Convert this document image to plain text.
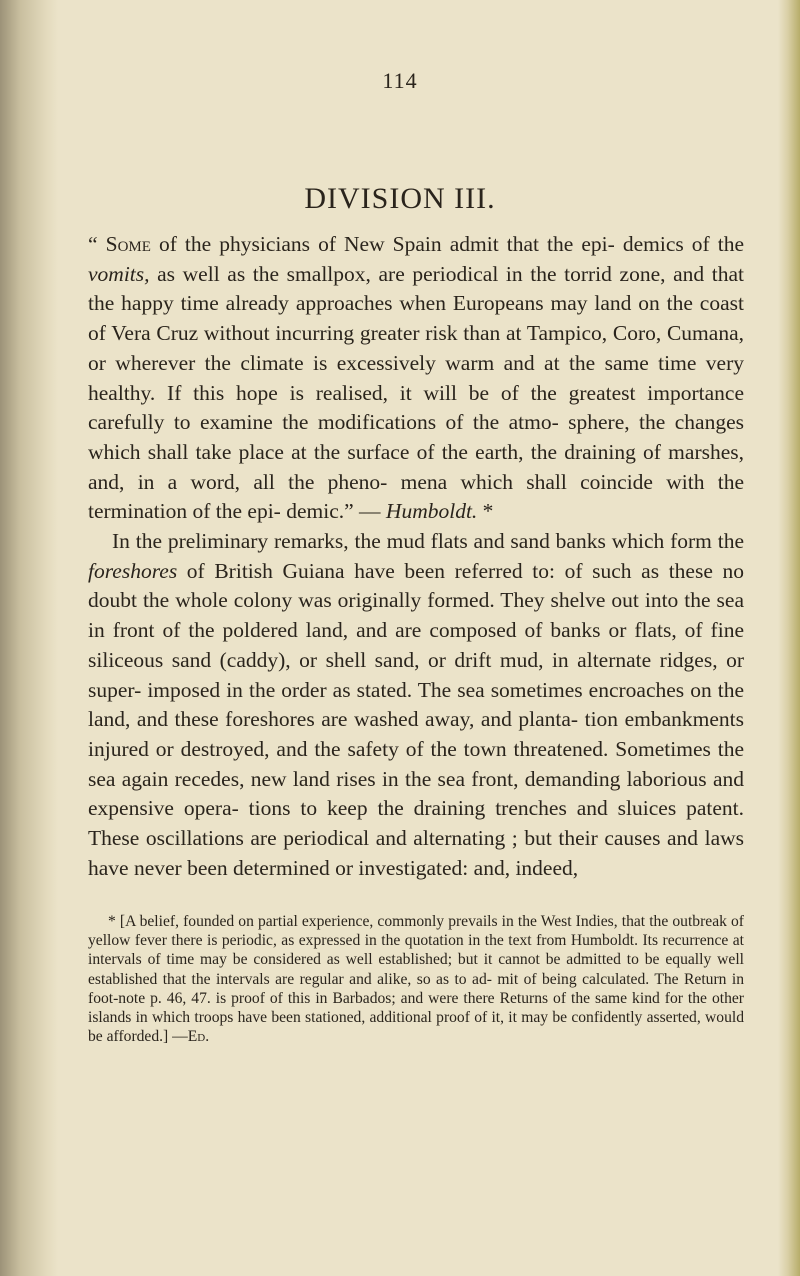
114
DIVISION III.

“ Some of the physicians of New Spain admit that the epi- demics of the vomits, as well as the smallpox, are periodical in the torrid zone, and that the happy time already approaches when Europeans may land on the coast of Vera Cruz without incurring greater risk than at Tampico, Coro, Cumana, or wherever the climate is excessively warm and at the same time very healthy. If this hope is realised, it will be of the greatest importance carefully to examine the modifications of the atmo- sphere, the changes which shall take place at the surface of the earth, the draining of marshes, and, in a word, all the pheno- mena which shall coincide with the termination of the epi- demic.” — Humboldt. *

In the preliminary remarks, the mud flats and sand banks which form the foreshores of British Guiana have been referred to: of such as these no doubt the whole colony was originally formed. They shelve out into the sea in front of the poldered land, and are composed of banks or flats, of fine siliceous sand (caddy), or shell sand, or drift mud, in alternate ridges, or super- imposed in the order as stated. The sea sometimes encroaches on the land, and these foreshores are washed away, and planta- tion embankments injured or destroyed, and the safety of the town threatened. Sometimes the sea again recedes, new land rises in the sea front, demanding laborious and expensive opera- tions to keep the draining trenches and sluices patent. These oscillations are periodical and alternating ; but their causes and laws have never been determined or investigated: and, indeed,

* [A belief, founded on partial experience, commonly prevails in the West Indies, that the outbreak of yellow fever there is periodic, as expressed in the quotation in the text from Humboldt. Its recurrence at intervals of time may be considered as well established; but it cannot be admitted to be equally well established that the intervals are regular and alike, so as to ad- mit of being calculated. The Return in foot-note p. 46, 47. is proof of this in Barbados; and were there Returns of the same kind for the other islands in which troops have been stationed, additional proof of it, it may be confidently asserted, would be afforded.] —Ed.
